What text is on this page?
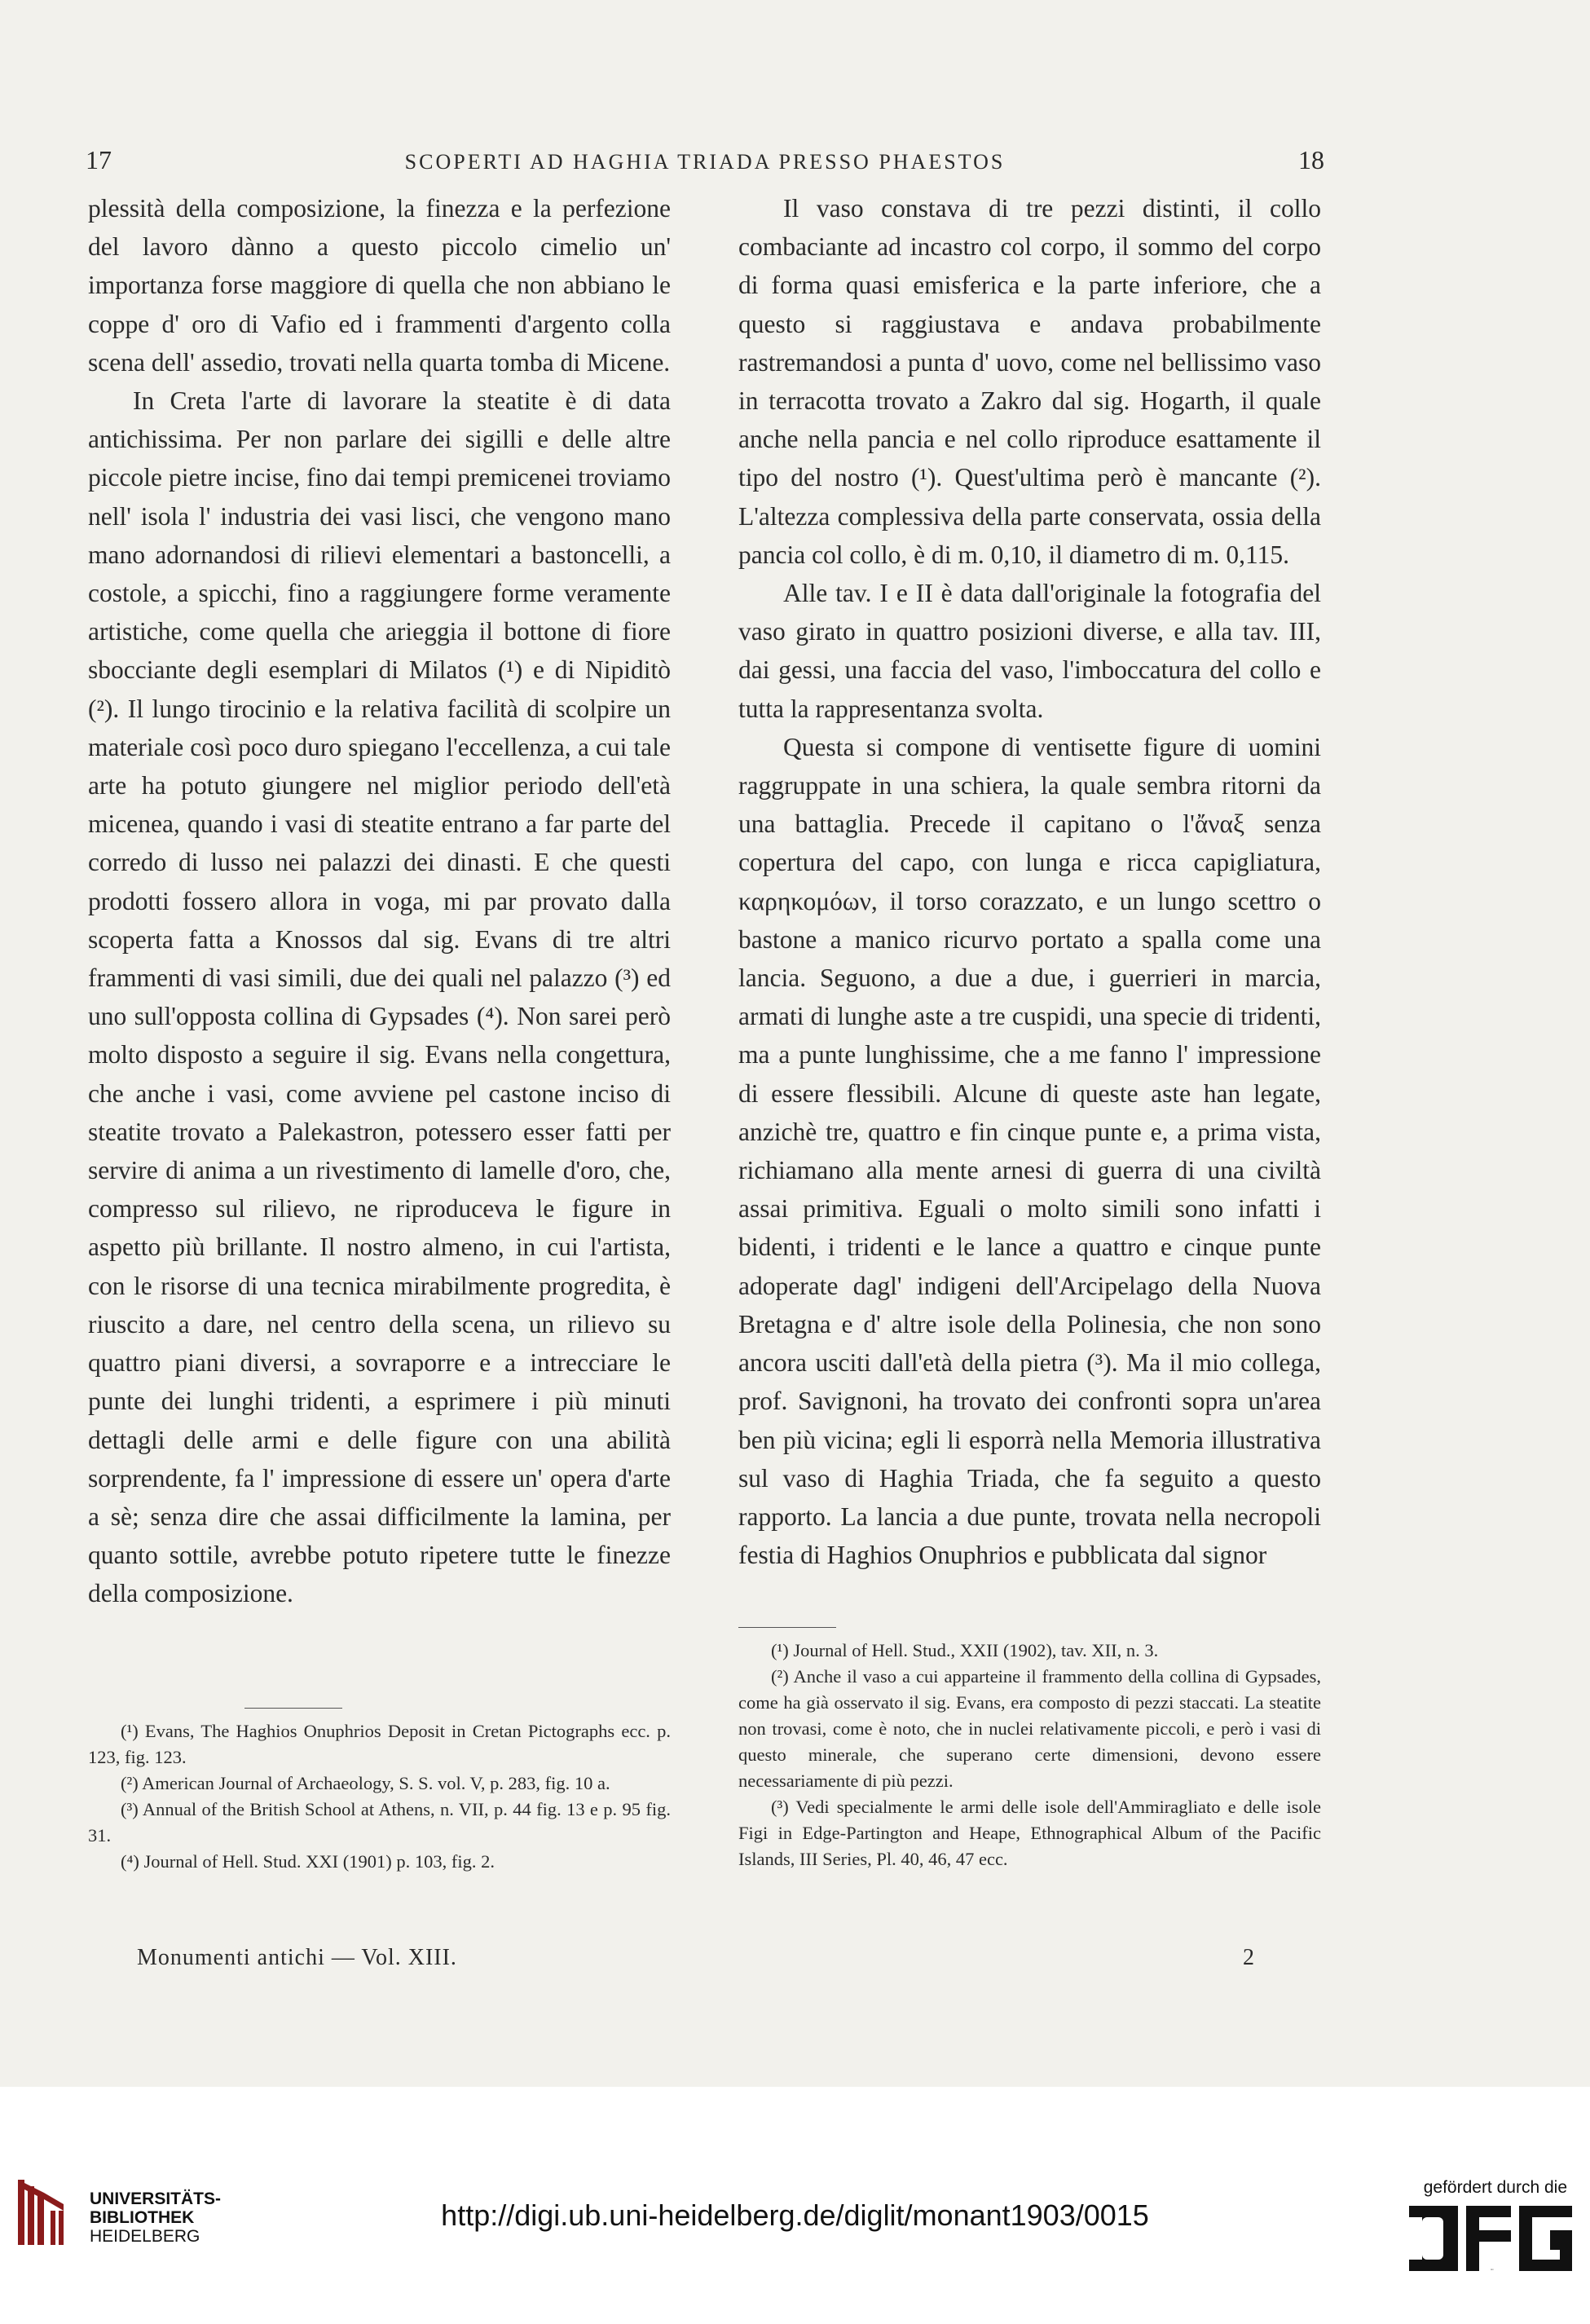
17	SCOPERTI AD HAGHIA TRIADA PRESSO PHAESTOS	18

plessità della composizione, la finezza e la perfezione del lavoro dànno a questo piccolo cimelio un' importanza forse maggiore di quella che non abbiano le coppe d' oro di Vafio ed i frammenti d'argento colla scena dell' assedio, trovati nella quarta tomba di Micene.

In Creta l'arte di lavorare la steatite è di data antichissima. Per non parlare dei sigilli e delle altre piccole pietre incise, fino dai tempi premicenei troviamo nell' isola l' industria dei vasi lisci, che vengono mano mano adornandosi di rilievi elementari a bastoncelli, a costole, a spicchi, fino a raggiungere forme veramente artistiche, come quella che arieggia il bottone di fiore sbocciante degli esemplari di Milatos (¹) e di Nipiditò (²). Il lungo tirocinio e la relativa facilità di scolpire un materiale così poco duro spiegano l'eccellenza, a cui tale arte ha potuto giungere nel miglior periodo dell'età micenea, quando i vasi di steatite entrano a far parte del corredo di lusso nei palazzi dei dinasti. E che questi prodotti fossero allora in voga, mi par provato dalla scoperta fatta a Knossos dal sig. Evans di tre altri frammenti di vasi simili, due dei quali nel palazzo (³) ed uno sull'opposta collina di Gypsades (⁴). Non sarei però molto disposto a seguire il sig. Evans nella congettura, che anche i vasi, come avviene pel castone inciso di steatite trovato a Palekastron, potessero esser fatti per servire di anima a un rivestimento di lamelle d'oro, che, compresso sul rilievo, ne riproduceva le figure in aspetto più brillante. Il nostro almeno, in cui l'artista, con le risorse di una tecnica mirabilmente progredita, è riuscito a dare, nel centro della scena, un rilievo su quattro piani diversi, a sovraporre e a intrecciare le punte dei lunghi tridenti, a esprimere i più minuti dettagli delle armi e delle figure con una abilità sorprendente, fa l' impressione di essere un' opera d'arte a sè; senza dire che assai difficilmente la lamina, per quanto sottile, avrebbe potuto ripetere tutte le finezze della composizione.

Il vaso constava di tre pezzi distinti, il collo combaciante ad incastro col corpo, il sommo del corpo di forma quasi emisferica e la parte inferiore, che a questo si raggiustava e andava probabilmente rastremandosi a punta d' uovo, come nel bellissimo vaso in terracotta trovato a Zakro dal sig. Hogarth, il quale anche nella pancia e nel collo riproduce esattamente il tipo del nostro (¹). Quest'ultima però è mancante (²). L'altezza complessiva della parte conservata, ossia della pancia col collo, è di m. 0,10, il diametro di m. 0,115.

Alle tav. I e II è data dall'originale la fotografia del vaso girato in quattro posizioni diverse, e alla tav. III, dai gessi, una faccia del vaso, l'imboccatura del collo e tutta la rappresentanza svolta.

Questa si compone di ventisette figure di uomini raggruppate in una schiera, la quale sembra ritorni da una battaglia. Precede il capitano o l'ἄναξ senza copertura del capo, con lunga e ricca capigliatura, καρηκομόων, il torso corazzato, e un lungo scettro o bastone a manico ricurvo portato a spalla come una lancia. Seguono, a due a due, i guerrieri in marcia, armati di lunghe aste a tre cuspidi, una specie di tridenti, ma a punte lunghissime, che a me fanno l' impressione di essere flessibili. Alcune di queste aste han legate, anzichè tre, quattro e fin cinque punte e, a prima vista, richiamano alla mente arnesi di guerra di una civiltà assai primitiva. Eguali o molto simili sono infatti i bidenti, i tridenti e le lance a quattro e cinque punte adoperate dagl' indigeni dell'Arcipelago della Nuova Bretagna e d' altre isole della Polinesia, che non sono ancora usciti dall'età della pietra (³). Ma il mio collega, prof. Savignoni, ha trovato dei confronti sopra un'area ben più vicina; egli li esporrà nella Memoria illustrativa sul vaso di Haghia Triada, che fa seguito a questo rapporto. La lancia a due punte, trovata nella necropoli festia di Haghios Onuphrios e pubblicata dal signor

(¹) Evans, The Haghios Onuphrios Deposit in Cretan Pictographs ecc. p. 123, fig. 123.

(²) American Journal of Archaeology, S. S. vol. V, p. 283, fig. 10 a.

(³) Annual of the British School at Athens, n. VII, p. 44 fig. 13 e p. 95 fig. 31.

(⁴) Journal of Hell. Stud. XXI (1901) p. 103, fig. 2.

(¹) Journal of Hell. Stud., XXII (1902), tav. XII, n. 3.

(²) Anche il vaso a cui apparteine il frammento della collina di Gypsades, come ha già osservato il sig. Evans, era composto di pezzi staccati. La steatite non trovasi, come è noto, che in nuclei relativamente piccoli, e però i vasi di questo minerale, che superano certe dimensioni, devono essere necessariamente di più pezzi.

(³) Vedi specialmente le armi delle isole dell'Ammiragliato e delle isole Figi in Edge-Partington and Heape, Ethnographical Album of the Pacific Islands, III Series, Pl. 40, 46, 47 ecc.

Monumenti antichi — Vol. XIII.	2
UNIVERSITÄTS-
BIBLIOTHEK
HEIDELBERG
http://digi.ub.uni-heidelberg.de/diglit/monant1903/0015
gefördert durch die
DFG
